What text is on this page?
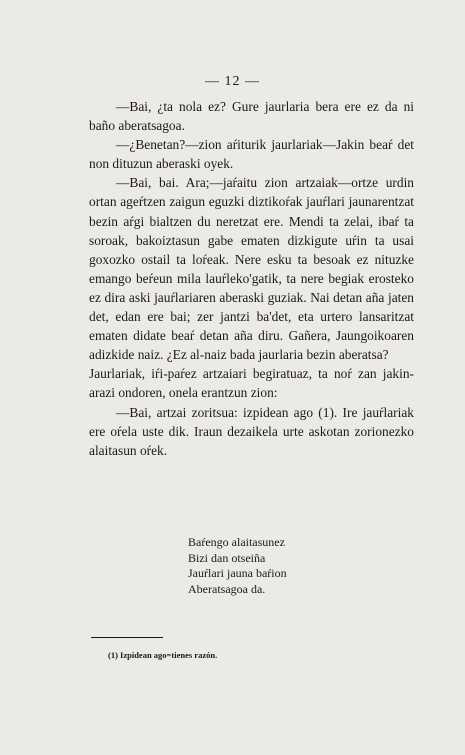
— 12 —

—Bai, ¿ta nola ez? Gure jaurlaria bera ere ez da ni baño aberatsagoa.

—¿Benetan?—zion aŕiturik jaurlariak—Jakin beaŕ det non dituzun aberaski oyek.

—Bai, bai. Ara;—jaŕaitu zion artzaiak—ortze urdin ortan ageŕtzen zaigun eguzki diztikoŕak jauŕlari jaunarentzat bezin aŕgi bialtzen du neretzat ere. Mendi ta zelai, ibaŕ ta soroak, bakoiztasun gabe ematen dizkigute uŕin ta usai goxozko ostail ta loŕeak. Nere esku ta besoak ez nituzke emango beŕeun mila lauŕleko'gatik, ta nere begiak erosteko ez dira aski jauŕlariaren aberaski guziak. Nai detan aña jaten det, edan ere bai; zer jantzi ba'det, eta urtero lansaritzat ematen didate beaŕ detan aña diru. Gañera, Jaungoikoaren adizkide naiz. ¿Ez al-naiz bada jaurlaria bezin aberatsa?

Jaurlariak, iŕi-paŕez artzaiari begiratuaz, ta noŕ zan jakin-arazi ondoren, onela erantzun zion:

—Bai, artzai zoritsua: izpidean ago (1). Ire jauŕlariak ere oŕela uste dik. Iraun dezaikela urte askotan zorionezko alaitasun oŕek.

Baŕengo alaitasunez
Bizi dan otseiña
Jauŕlari jauna baŕion
Aberatsagoa da.
(1) Izpidean ago=tienes razón.
